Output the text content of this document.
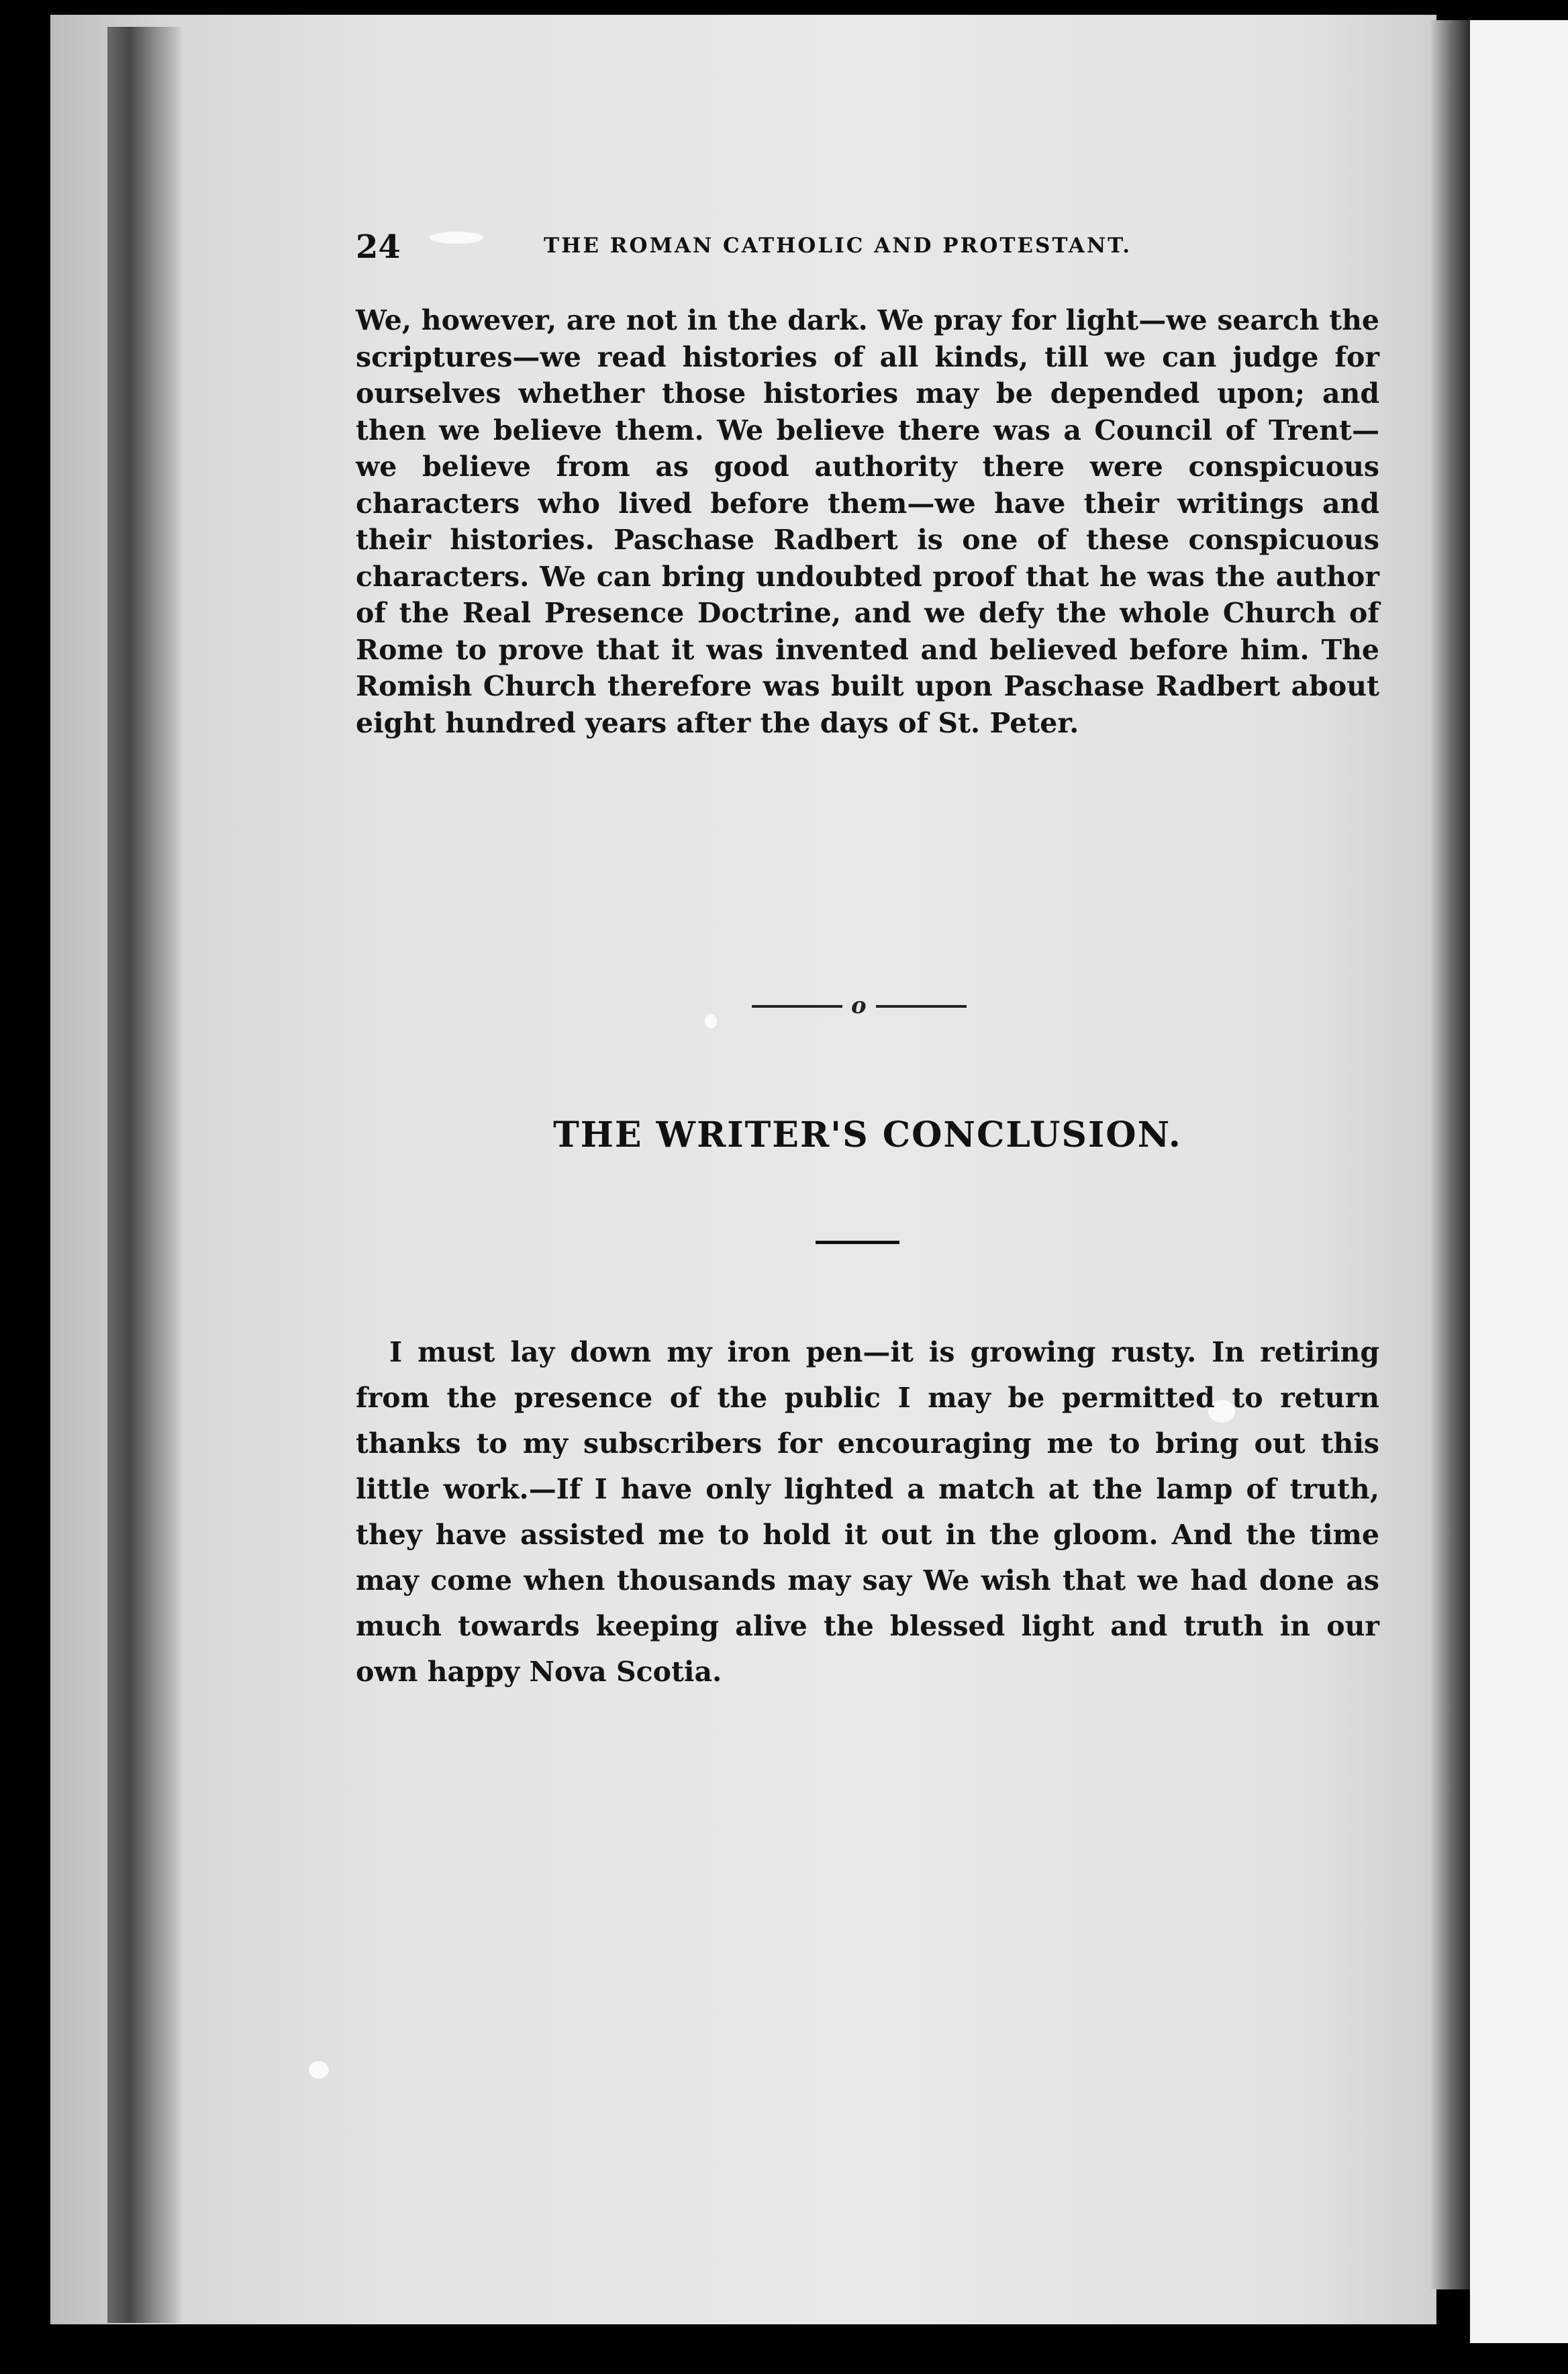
24	THE ROMAN CATHOLIC AND PROTESTANT.

We, however, are not in the dark. We pray for light—we search the scriptures—we read histories of all kinds, till we can judge for ourselves whether those histories may be depended upon; and then we believe them. We believe there was a Council of Trent—we believe from as good authority there were conspicuous characters who lived before them—we have their writings and their histories. Paschase Radbert is one of these conspicuous characters. We can bring undoubted proof that he was the author of the Real Presence Doctrine, and we defy the whole Church of Rome to prove that it was invented and believed before him. The Romish Church therefore was built upon Paschase Radbert about eight hundred years after the days of St. Peter.

o
THE WRITER'S CONCLUSION.

I must lay down my iron pen—it is growing rusty. In retiring from the presence of the public I may be permitted to return thanks to my subscribers for encouraging me to bring out this little work.—If I have only lighted a match at the lamp of truth, they have assisted me to hold it out in the gloom. And the time may come when thousands may say We wish that we had done as much towards keeping alive the blessed light and truth in our own happy Nova Scotia.
